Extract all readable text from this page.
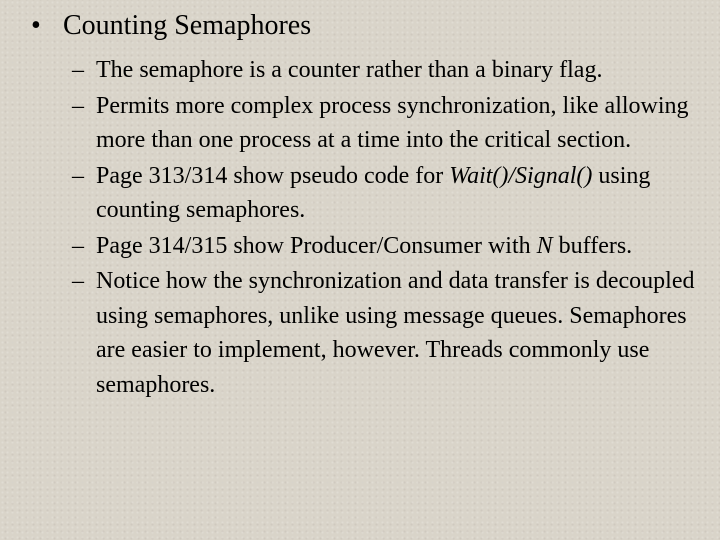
• Counting Semaphores
– The semaphore is a counter rather than a binary flag.
– Permits more complex process synchronization, like allowing more than one process at a time into the critical section.
– Page 313/314 show pseudo code for Wait()/Signal() using counting semaphores.
– Page 314/315 show Producer/Consumer with N buffers.
– Notice how the synchronization and data transfer is decoupled using semaphores, unlike using message queues. Semaphores are easier to implement, however. Threads commonly use semaphores.
